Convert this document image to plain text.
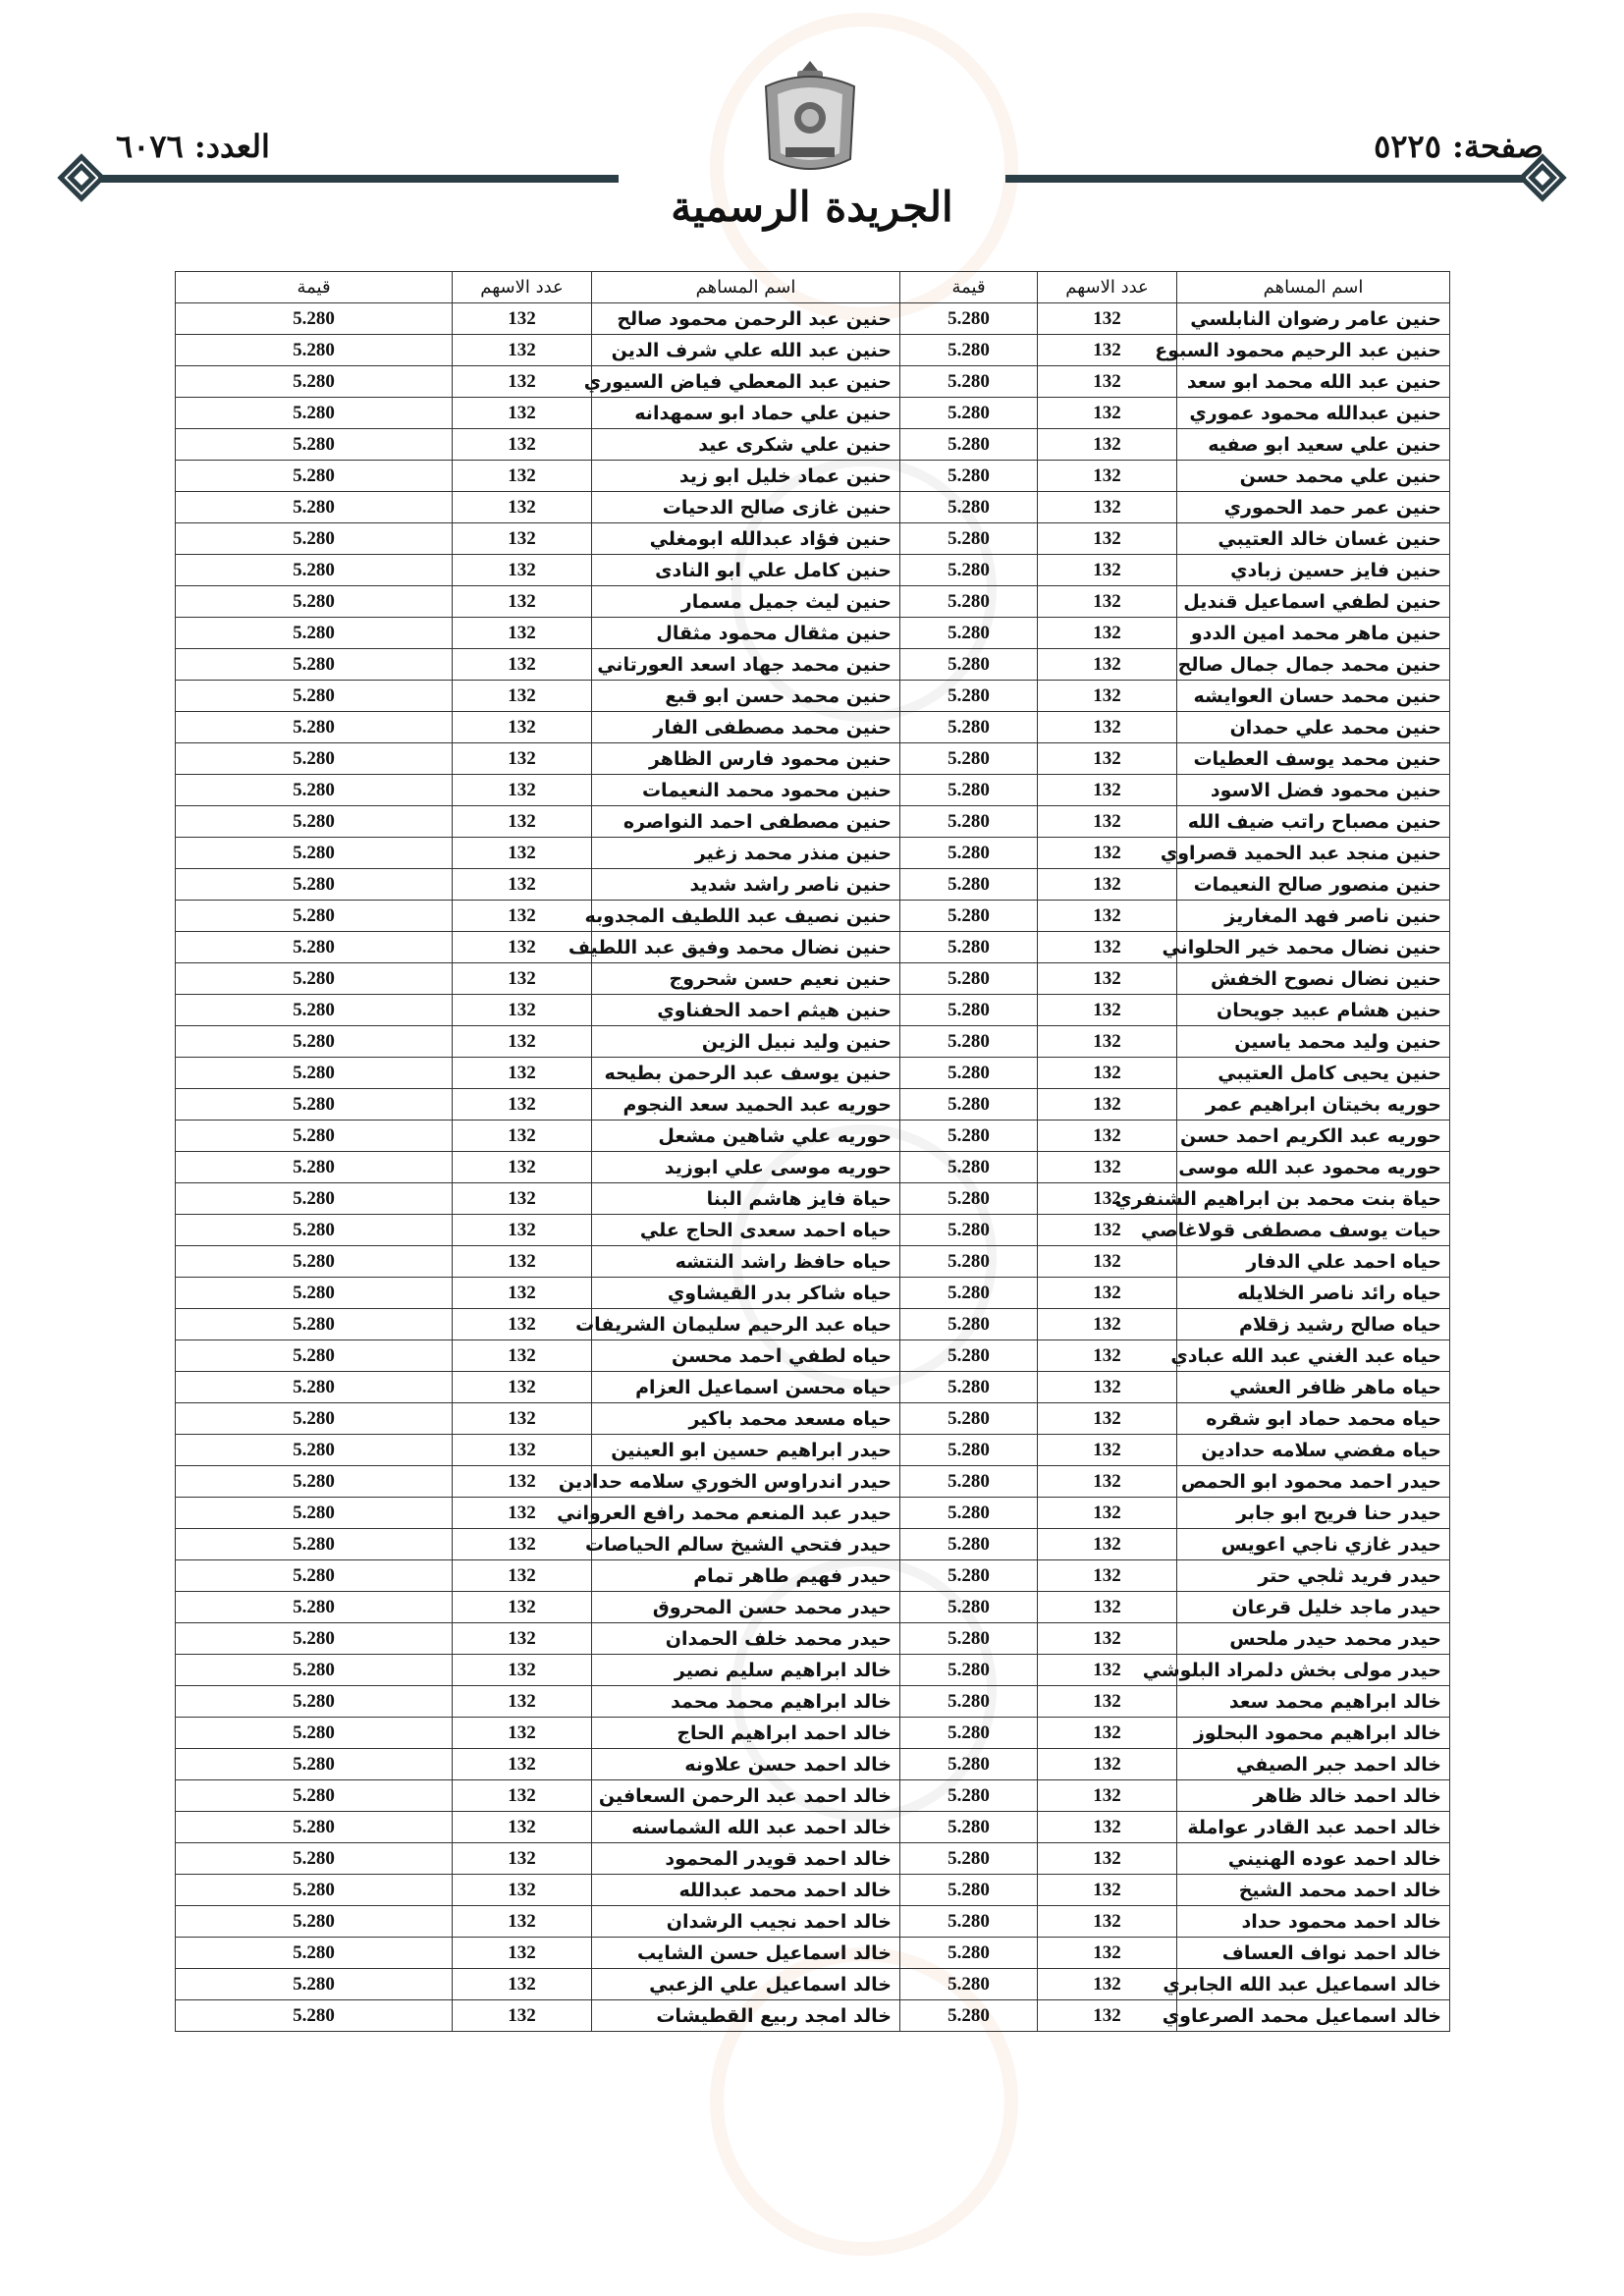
صفحة: ٥٢٢٥
العدد: ٦٠٧٦
الجريدة الرسمية
اسم المساهم	عدد الاسهم	قيمة	اسم المساهم	عدد الاسهم	قيمة
حنين عامر رضوان النابلسي	132	5.280	حنين عبد الرحمن محمود صالح	132	5.280
حنين عبد الرحيم محمود السبوع	132	5.280	حنين عبد الله علي شرف الدين	132	5.280
حنين عبد الله محمد ابو سعد	132	5.280	حنين عبد المعطي فياض السيوري	132	5.280
حنين عبدالله محمود عموري	132	5.280	حنين علي حماد ابو سمهدانه	132	5.280
حنين علي سعيد ابو صفيه	132	5.280	حنين علي شكرى عيد	132	5.280
حنين علي محمد حسن	132	5.280	حنين عماد خليل ابو زيد	132	5.280
حنين عمر حمد الحموري	132	5.280	حنين غازى صالح الدحيات	132	5.280
حنين غسان خالد العتيبي	132	5.280	حنين فؤاد عبدالله ابومغلي	132	5.280
حنين فايز حسين زبادي	132	5.280	حنين كامل علي ابو النادى	132	5.280
حنين لطفي اسماعيل قنديل	132	5.280	حنين ليث جميل مسمار	132	5.280
حنين ماهر محمد امين الددو	132	5.280	حنين مثقال محمود مثقال	132	5.280
حنين محمد جمال جمال صالح	132	5.280	حنين محمد جهاد اسعد العورتاني	132	5.280
حنين محمد حسان العوايشه	132	5.280	حنين محمد حسن ابو قبع	132	5.280
حنين محمد علي حمدان	132	5.280	حنين محمد مصطفى الفار	132	5.280
حنين محمد يوسف العطيات	132	5.280	حنين محمود فارس الظاهر	132	5.280
حنين محمود فضل الاسود	132	5.280	حنين محمود محمد النعيمات	132	5.280
حنين مصباح راتب ضيف الله	132	5.280	حنين مصطفى احمد النواصره	132	5.280
حنين منجد عبد الحميد قصراوي	132	5.280	حنين منذر محمد زغير	132	5.280
حنين منصور صالح النعيمات	132	5.280	حنين ناصر راشد شديد	132	5.280
حنين ناصر فهد المغاريز	132	5.280	حنين نصيف عبد اللطيف المجدوبه	132	5.280
حنين نضال محمد خير الحلواني	132	5.280	حنين نضال محمد وفيق عبد اللطيف	132	5.280
حنين نضال نصوح الخفش	132	5.280	حنين نعيم حسن شحروج	132	5.280
حنين هشام عبيد جويحان	132	5.280	حنين هيثم احمد الحفناوي	132	5.280
حنين وليد محمد ياسين	132	5.280	حنين وليد نبيل الزين	132	5.280
حنين يحيى كامل العتيبي	132	5.280	حنين يوسف عبد الرحمن بطيحه	132	5.280
حوريه بخيتان ابراهيم عمر	132	5.280	حوريه عبد الحميد سعد النجوم	132	5.280
حوريه عبد الكريم احمد حسن	132	5.280	حوريه علي شاهين مشعل	132	5.280
حوريه محمود عبد الله موسى	132	5.280	حوريه موسى علي ابوزيد	132	5.280
حياة بنت محمد بن ابراهيم الشنفري	132	5.280	حياة فايز هاشم البنا	132	5.280
حيات يوسف مصطفى قولاغاصي	132	5.280	حياه احمد سعدى الحاج علي	132	5.280
حياه احمد علي الدفار	132	5.280	حياه حافظ راشد النتشه	132	5.280
حياه رائد ناصر الخلايله	132	5.280	حياه شاكر بدر القيشاوي	132	5.280
حياه صالح رشيد زقلام	132	5.280	حياه عبد الرحيم سليمان الشريفات	132	5.280
حياه عبد الغني عبد الله عبادي	132	5.280	حياه لطفي احمد محسن	132	5.280
حياه ماهر ظافر العشي	132	5.280	حياه محسن اسماعيل العزام	132	5.280
حياه محمد حماد ابو شقره	132	5.280	حياه مسعد محمد باكير	132	5.280
حياه مفضي سلامه حدادين	132	5.280	حيدر ابراهيم حسين ابو العينين	132	5.280
حيدر احمد محمود ابو الحمص	132	5.280	حيدر اندراوس الخوري سلامه حدادين	132	5.280
حيدر حنا فريح ابو جابر	132	5.280	حيدر عبد المنعم محمد رافع العرواني	132	5.280
حيدر غازي ناجي اعويس	132	5.280	حيدر فتحي الشيخ سالم الحياصات	132	5.280
حيدر فريد ثلجي حتر	132	5.280	حيدر فهيم طاهر تمام	132	5.280
حيدر ماجد خليل قرعان	132	5.280	حيدر محمد حسن المحروق	132	5.280
حيدر محمد حيدر ملحس	132	5.280	حيدر محمد خلف الحمدان	132	5.280
حيدر مولى بخش دلمراد البلوشي	132	5.280	خالد ابراهيم سليم نصير	132	5.280
خالد ابراهيم محمد سعد	132	5.280	خالد ابراهيم محمد محمد	132	5.280
خالد ابراهيم محمود البحلوز	132	5.280	خالد احمد ابراهيم الحاج	132	5.280
خالد احمد جبر الصيفي	132	5.280	خالد احمد حسن علاونه	132	5.280
خالد احمد خالد ظاهر	132	5.280	خالد احمد عبد الرحمن السعافين	132	5.280
خالد احمد عبد القادر عواملة	132	5.280	خالد احمد عبد الله الشماسنه	132	5.280
خالد احمد عوده الهنيني	132	5.280	خالد احمد قويدر المحمود	132	5.280
خالد احمد محمد الشيخ	132	5.280	خالد احمد محمد عبدالله	132	5.280
خالد احمد محمود حداد	132	5.280	خالد احمد نجيب الرشدان	132	5.280
خالد احمد نواف العساف	132	5.280	خالد اسماعيل حسن الشايب	132	5.280
خالد اسماعيل عبد الله الجابري	132	5.280	خالد اسماعيل علي الزعبي	132	5.280
خالد اسماعيل محمد الصرعاوي	132	5.280	خالد امجد ربيع القطيشات	132	5.280
